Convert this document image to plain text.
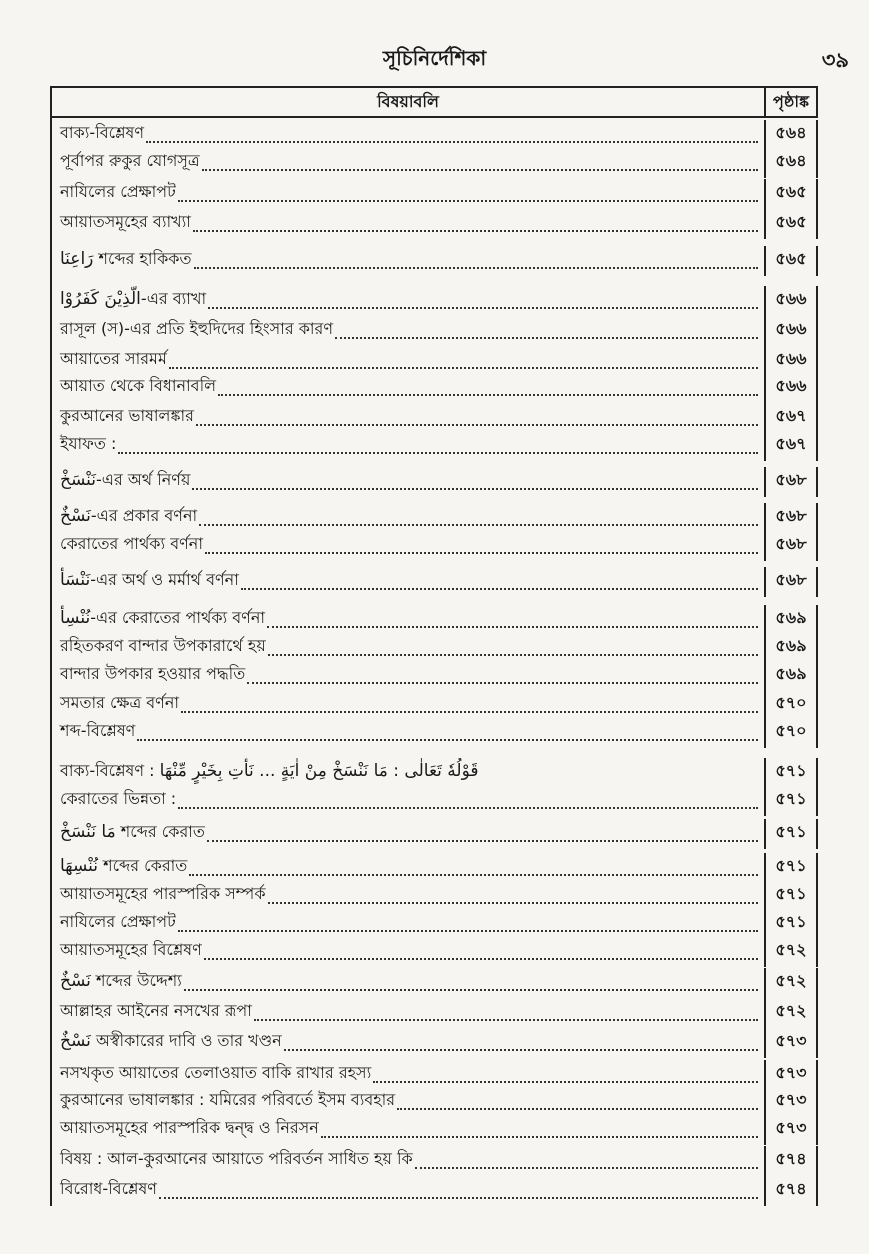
সূচিনির্দেশিকা	৩৯
বিষয়াবলি	পৃষ্ঠাঙ্ক
বাক্য-বিশ্লেষণ	৫৬৪
পূর্বাপর রুকুর যোগসূত্র	৫৬৪
নাযিলের প্রেক্ষাপট	৫৬৫
আয়াতসমূহের ব্যাখ্যা	৫৬৫
رَاعِنَا শব্দের হাকিকত	৫৬৫
الَّذِيْنَ كَفَرُوْا-এর ব্যাখা	৫৬৬
রাসূল (স)-এর প্রতি ইহুদিদের হিংসার কারণ	৫৬৬
আয়াতের সারমর্ম	৫৬৬
আয়াত থেকে বিধানাবলি	৫৬৬
কুরআনের ভাষালঙ্কার	৫৬৭
ইযাফত :	৫৬৭
نَنْسَخْ-এর অর্থ নির্ণয়	৫৬৮
نَسْخٌ-এর প্রকার বর্ণনা	৫৬৮
কেরাতের পার্থক্য বর্ণনা	৫৬৮
نَنْسَأُ-এর অর্থ ও মর্মার্থ বর্ণনা	৫৬৮
نُنْسِأُ-এর কেরাতের পার্থক্য বর্ণনা	৫৬৯
রহিতকরণ বান্দার উপকারার্থে হয়	৫৬৯
বান্দার উপকার হওয়ার পদ্ধতি	৫৬৯
সমতার ক্ষেত্র বর্ণনা	৫৭০
শব্দ-বিশ্লেষণ	৫৭০
বাক্য-বিশ্লেষণ : قَوْلُهٗ تَعَالٰى : مَا نَنْسَخْ مِنْ اٰيَةٍ ... نَأْتِ بِخَيْرٍ مِّنْهَا	৫৭১
কেরাতের ভিন্নতা :	৫৭১
مَا نَنْسَخْ শব্দের কেরাত	৫৭১
نُنْسِهَا শব্দের কেরাত	৫৭১
আয়াতসমূহের পারস্পরিক সম্পর্ক	৫৭১
নাযিলের প্রেক্ষাপট	৫৭১
আয়াতসমূহের বিশ্লেষণ	৫৭২
نَسْخٌ শব্দের উদ্দেশ্য	৫৭২
আল্লাহর আইনের নসখের রূপা	৫৭২
نَسْخٌ অস্বীকারের দাবি ও তার খণ্ডন	৫৭৩
নসখকৃত আয়াতের তেলাওয়াত বাকি রাখার রহস্য	৫৭৩
কুরআনের ভাষালঙ্কার : যমিরের পরিবর্তে ইসম ব্যবহার	৫৭৩
আয়াতসমূহের পারস্পরিক দ্বন্দ্ব ও নিরসন	৫৭৩
বিষয় : আল-কুরআনের আয়াতে পরিবর্তন সাধিত হয় কি	৫৭৪
বিরোধ-বিশ্লেষণ	৫৭৪
